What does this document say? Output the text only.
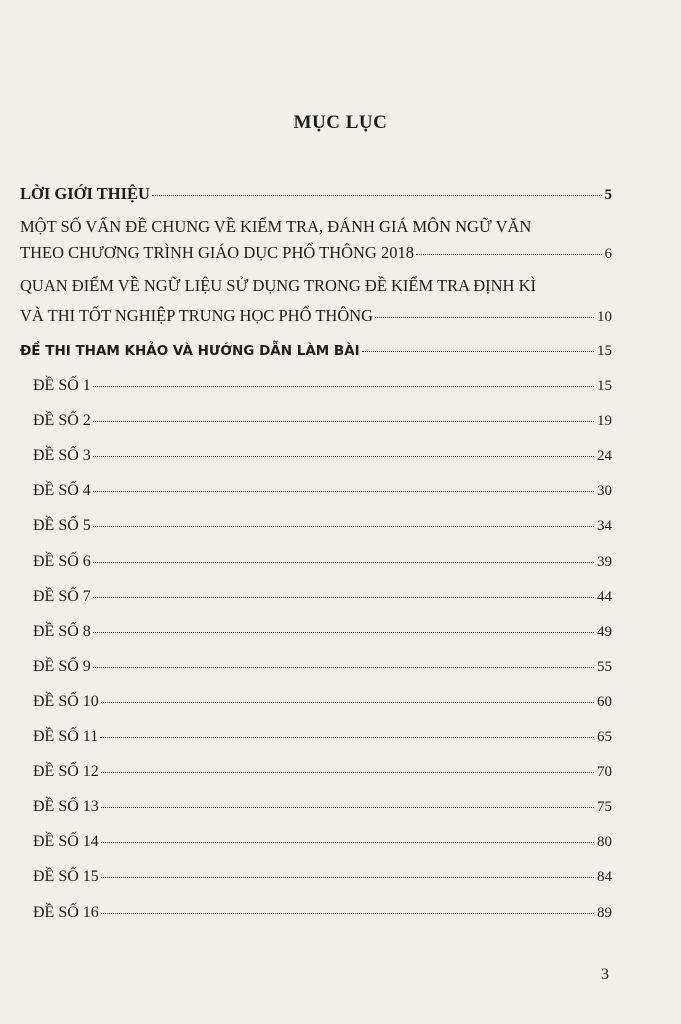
MỤC LỤC
LỜI GIỚI THIỆU	5
MỘT SỐ VẤN ĐỀ CHUNG VỀ KIỂM TRA, ĐÁNH GIÁ MÔN NGỮ VĂN
THEO CHƯƠNG TRÌNH GIÁO DỤC PHỔ THÔNG 2018	6
QUAN ĐIỂM VỀ NGỮ LIỆU SỬ DỤNG TRONG ĐỀ KIỂM TRA ĐỊNH KÌ
VÀ THI TỐT NGHIỆP TRUNG HỌC PHỔ THÔNG	10
ĐỀ THI THAM KHẢO VÀ HƯỚNG DẪN LÀM BÀI	15
ĐỀ SỐ 1	15
ĐỀ SỐ 2	19
ĐỀ SỐ 3	24
ĐỀ SỐ 4	30
ĐỀ SỐ 5	34
ĐỀ SỐ 6	39
ĐỀ SỐ 7	44
ĐỀ SỐ 8	49
ĐỀ SỐ 9	55
ĐỀ SỐ 10	60
ĐỀ SỐ 11	65
ĐỀ SỐ 12	70
ĐỀ SỐ 13	75
ĐỀ SỐ 14	80
ĐỀ SỐ 15	84
ĐỀ SỐ 16	89
3
